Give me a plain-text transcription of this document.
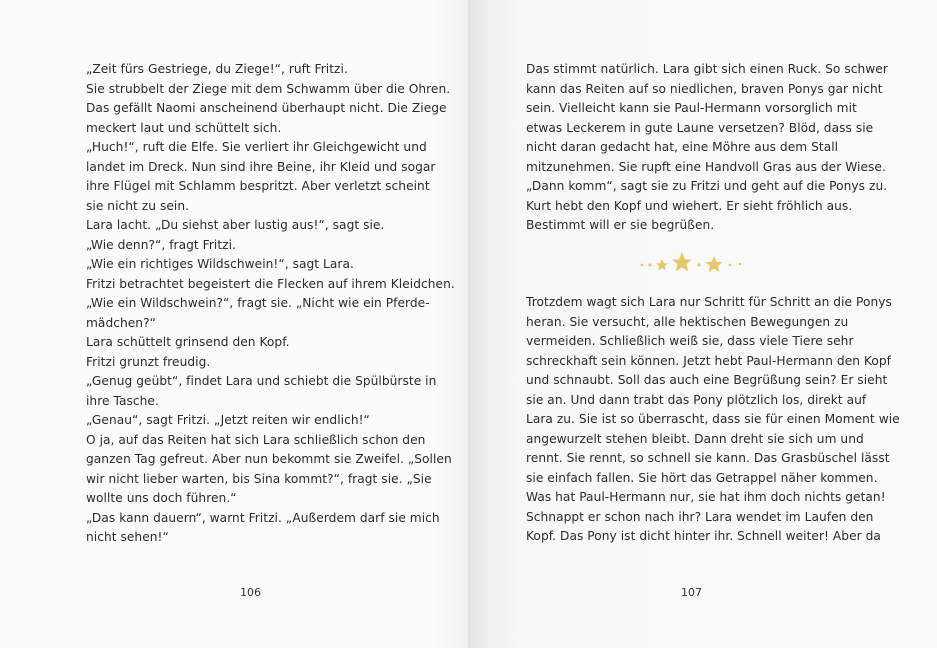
„Zeit fürs Gestriege, du Ziege!“, ruft Fritzi.
Sie strubbelt der Ziege mit dem Schwamm über die Ohren.
Das gefällt Naomi anscheinend überhaupt nicht. Die Ziege
meckert laut und schüttelt sich.
„Huch!“, ruft die Elfe. Sie verliert ihr Gleichgewicht und
landet im Dreck. Nun sind ihre Beine, ihr Kleid und sogar
ihre Flügel mit Schlamm bespritzt. Aber verletzt scheint
sie nicht zu sein.
Lara lacht. „Du siehst aber lustig aus!“, sagt sie.
„Wie denn?“, fragt Fritzi.
„Wie ein richtiges Wildschwein!“, sagt Lara.
Fritzi betrachtet begeistert die Flecken auf ihrem Kleidchen.
„Wie ein Wildschwein?“, fragt sie. „Nicht wie ein Pferde-
mädchen?“
Lara schüttelt grinsend den Kopf.
Fritzi grunzt freudig.
„Genug geübt“, findet Lara und schiebt die Spülbürste in
ihre Tasche.
„Genau“, sagt Fritzi. „Jetzt reiten wir endlich!“
O ja, auf das Reiten hat sich Lara schließlich schon den
ganzen Tag gefreut. Aber nun bekommt sie Zweifel. „Sollen
wir nicht lieber warten, bis Sina kommt?“, fragt sie. „Sie
wollte uns doch führen.“
„Das kann dauern“, warnt Fritzi. „Außerdem darf sie mich
nicht sehen!“
106
Das stimmt natürlich. Lara gibt sich einen Ruck. So schwer
kann das Reiten auf so niedlichen, braven Ponys gar nicht
sein. Vielleicht kann sie Paul-Hermann vorsorglich mit
etwas Leckerem in gute Laune versetzen? Blöd, dass sie
nicht daran gedacht hat, eine Möhre aus dem Stall
mitzunehmen. Sie rupft eine Handvoll Gras aus der Wiese.
„Dann komm“, sagt sie zu Fritzi und geht auf die Ponys zu.
Kurt hebt den Kopf und wiehert. Er sieht fröhlich aus.
Bestimmt will er sie begrüßen.
Trotzdem wagt sich Lara nur Schritt für Schritt an die Ponys
heran. Sie versucht, alle hektischen Bewegungen zu
vermeiden. Schließlich weiß sie, dass viele Tiere sehr
schreckhaft sein können. Jetzt hebt Paul-Hermann den Kopf
und schnaubt. Soll das auch eine Begrüßung sein? Er sieht
sie an. Und dann trabt das Pony plötzlich los, direkt auf
Lara zu. Sie ist so überrascht, dass sie für einen Moment wie
angewurzelt stehen bleibt. Dann dreht sie sich um und
rennt. Sie rennt, so schnell sie kann. Das Grasbüschel lässt
sie einfach fallen. Sie hört das Getrappel näher kommen.
Was hat Paul-Hermann nur, sie hat ihm doch nichts getan!
Schnappt er schon nach ihr? Lara wendet im Laufen den
Kopf. Das Pony ist dicht hinter ihr. Schnell weiter! Aber da
107
